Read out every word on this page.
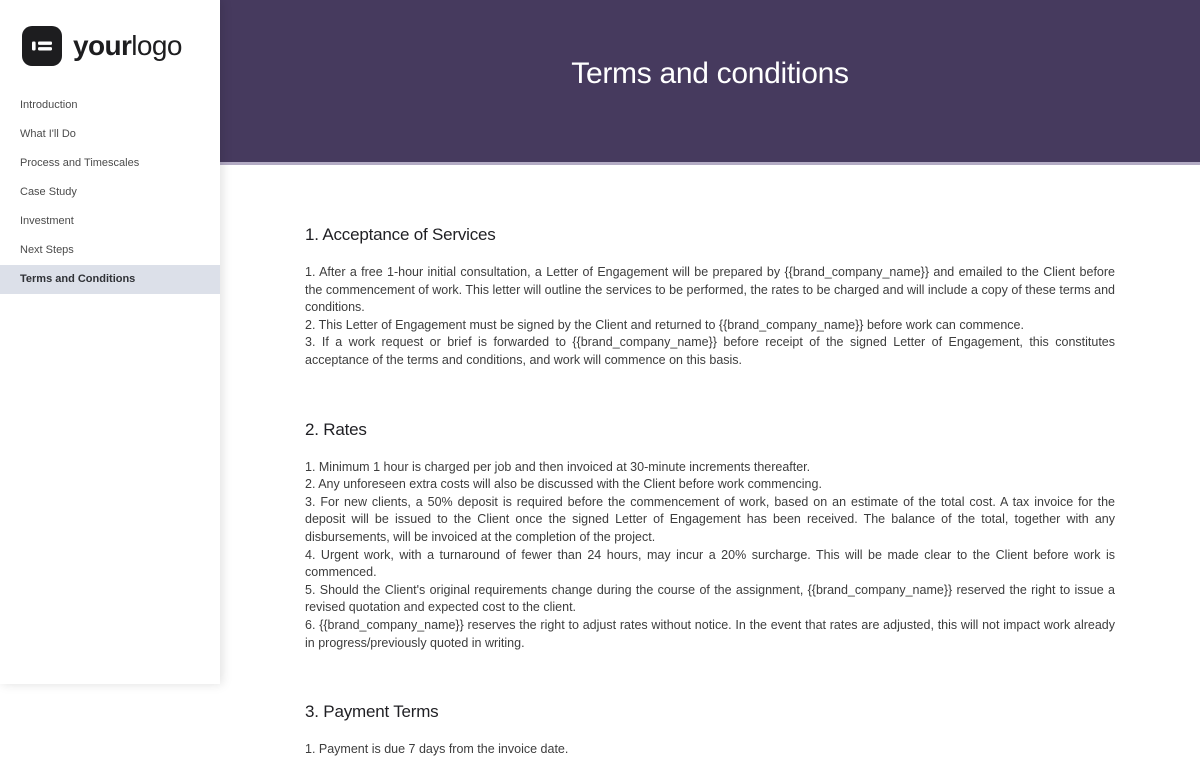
yourlogo
Introduction
What I'll Do
Process and Timescales
Case Study
Investment
Next Steps
Terms and Conditions
Terms and conditions
1. Acceptance of Services

1. After a free 1-hour initial consultation, a Letter of Engagement will be prepared by {{brand_company_name}} and emailed to the Client before the commencement of work. This letter will outline the services to be performed, the rates to be charged and will include a copy of these terms and conditions.

2. This Letter of Engagement must be signed by the Client and returned to {{brand_company_name}} before work can commence.

3. If a work request or brief is forwarded to {{brand_company_name}} before receipt of the signed Letter of Engagement, this constitutes acceptance of the terms and conditions, and work will commence on this basis.

2. Rates

1. Minimum 1 hour is charged per job and then invoiced at 30-minute increments thereafter.

2. Any unforeseen extra costs will also be discussed with the Client before work commencing.

3. For new clients, a 50% deposit is required before the commencement of work, based on an estimate of the total cost. A tax invoice for the deposit will be issued to the Client once the signed Letter of Engagement has been received. The balance of the total, together with any disbursements, will be invoiced at the completion of the project.

4. Urgent work, with a turnaround of fewer than 24 hours, may incur a 20% surcharge. This will be made clear to the Client before work is commenced.

5. Should the Client's original requirements change during the course of the assignment, {{brand_company_name}} reserved the right to issue a revised quotation and expected cost to the client.

6. {{brand_company_name}} reserves the right to adjust rates without notice. In the event that rates are adjusted, this will not impact work already in progress/previously quoted in writing.

3. Payment Terms

1. Payment is due 7 days from the invoice date.
